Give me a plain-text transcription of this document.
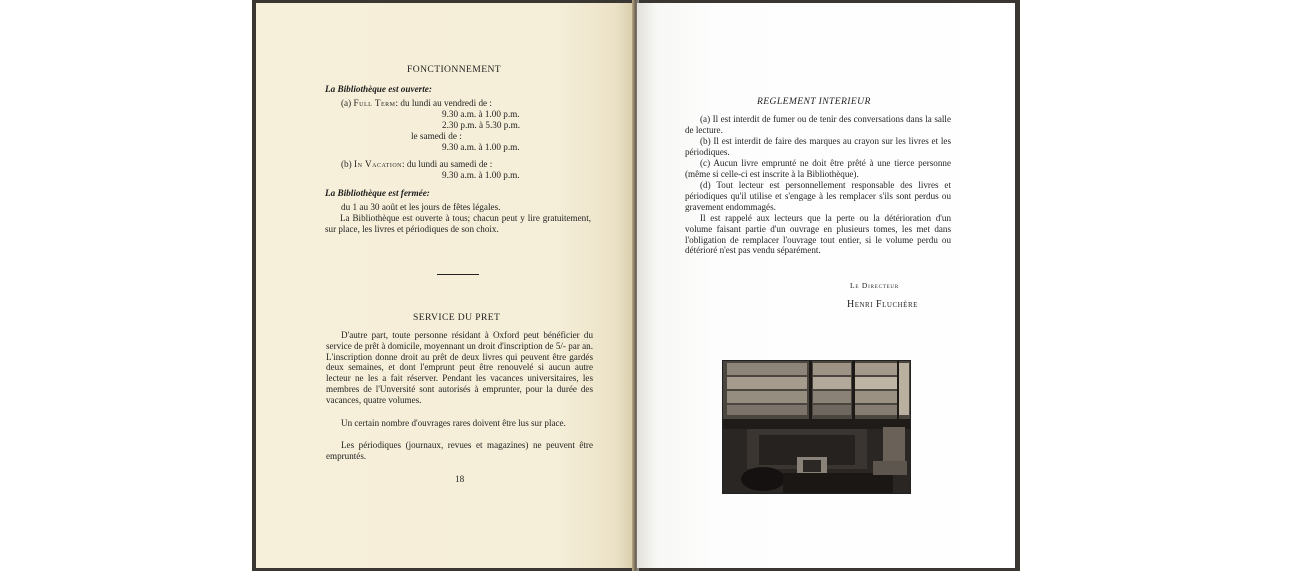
FONCTIONNEMENT
La Bibliothèque est ouverte:
(a) Full Term: du lundi au vendredi de :
9.30 a.m. à 1.00 p.m.
2.30 p.m. à 5.30 p.m.
le samedi de :
9.30 a.m. à 1.00 p.m.
(b) In Vacation: du lundi au samedi de :
9.30 a.m. à 1.00 p.m.
La Bibliothèque est fermée:
du 1 au 30 août et les jours de fêtes légales.
La Bibliothèque est ouverte à tous; chacun peut y lire gratuitement, sur place, les livres et périodiques de son choix.
SERVICE DU PRET
D'autre part, toute personne résidant à Oxford peut bénéficier du service de prêt à domicile, moyennant un droit d'inscription de 5/- par an. L'inscription donne droit au prêt de deux livres qui peuvent être gardés deux semaines, et dont l'emprunt peut être renouvelé si aucun autre lecteur ne les a fait réserver. Pendant les vacances universitaires, les membres de l'Unversité sont autorisés à emprunter, pour la durée des vacances, quatre volumes.
Un certain nombre d'ouvrages rares doivent être lus sur place.
Les périodiques (journaux, revues et magazines) ne peuvent être empruntés.
18
REGLEMENT INTERIEUR
(a) Il est interdit de fumer ou de tenir des conversations dans la salle de lecture.
(b) Il est interdit de faire des marques au crayon sur les livres et les périodiques.
(c) Aucun livre emprunté ne doit être prêté à une tierce personne (même si celle-ci est inscrite à la Bibliothèque).
(d) Tout lecteur est personnellement responsable des livres et périodiques qu'il utilise et s'engage à les remplacer s'ils sont perdus ou gravement endommagés.
Il est rappelé aux lecteurs que la perte ou la détérioration d'un volume faisant partie d'un ouvrage en plusieurs tomes, les met dans l'obligation de remplacer l'ouvrage tout entier, si le volume perdu ou détérioré n'est pas vendu séparément.
Le Directeur
Henri Fluchère
